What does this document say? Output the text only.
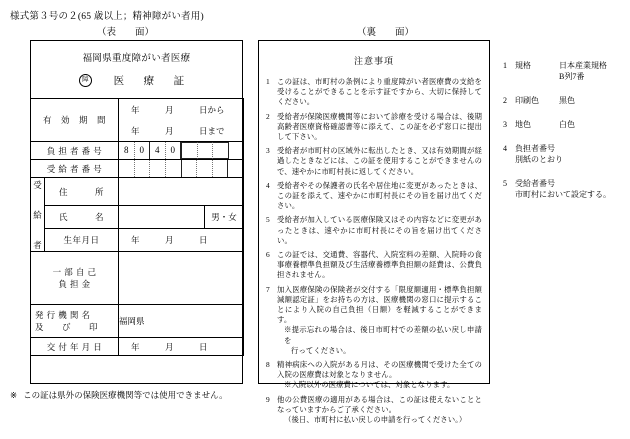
様式第３号の２(65 歳以上；精神障がい者用)
（表　　面）	（裏　　面）
福岡県重度障がい者医療
障	医	療	証
有　効　期　間	
年	月	日から
年	月	日まで

負 担 者 番 号		8 0 4 0

受 給 者 番 号		

受
給
者	住　　　所	
	氏　　　名	男・女

	生年月日	年 月 日

一 部 自 己
負 担 金		

発 行 機 関 名
及　　び　　印		福岡県
交 付 年 月 日		年 月 日
※ この証は県外の保険医療機関等では使用できません。
注意事項
1 この証は、市町村の条例により重度障がい者医療費の支給を受けることができることを示す証ですから、大切に保持してください。
2 受給者が保険医療機関等において診療を受ける場合は、後期高齢者医療資格確認書等に添えて、この証を必ず窓口に提出して下さい。
3 受給者が市町村の区域外に転出したとき、又は有効期間が経過したときなどには、この証を使用することができませんので、速やかに市町村長に返してください。
4 受給者やその保護者の氏名や居住地に変更があったときは、この証を添えて、速やかに市町村長にその旨を届け出てください。
5 受給者が加入している医療保険又はその内容などに変更があったときは、速やかに市町村長にその旨を届け出てください。
6 この証では、交通費、容器代、入院室料の差額、入院時の食事療養標準負担額及び生活療養標準負担額の経費は、公費負担されません。
7 加入医療保険の保険者が交付する「限度額適用・標準負担額減額認定証」をお持ちの方は、医療機関の窓口に提示することにより入院の自己負担（日額）を軽減することができます。
※提示忘れの場合は、後日市町村での差額の払い戻し申請を
行ってください。
8 精神病床への入院がある月は、その医療機関で受けた全ての入院の医療費は対象となりません。
※入院以外の医療費については、対象となります。
9 他の公費医療の適用がある場合は、この証は使えないこととなっていますからご了承ください。
（後日、市町村に払い戻しの申請を行ってください。）
1	規格	日本産業規格
B列7番
2	印刷色	黒色
3	地色	白色
4	負担者番号
別紙のとおり
5	受給者番号
市町村において設定する。
